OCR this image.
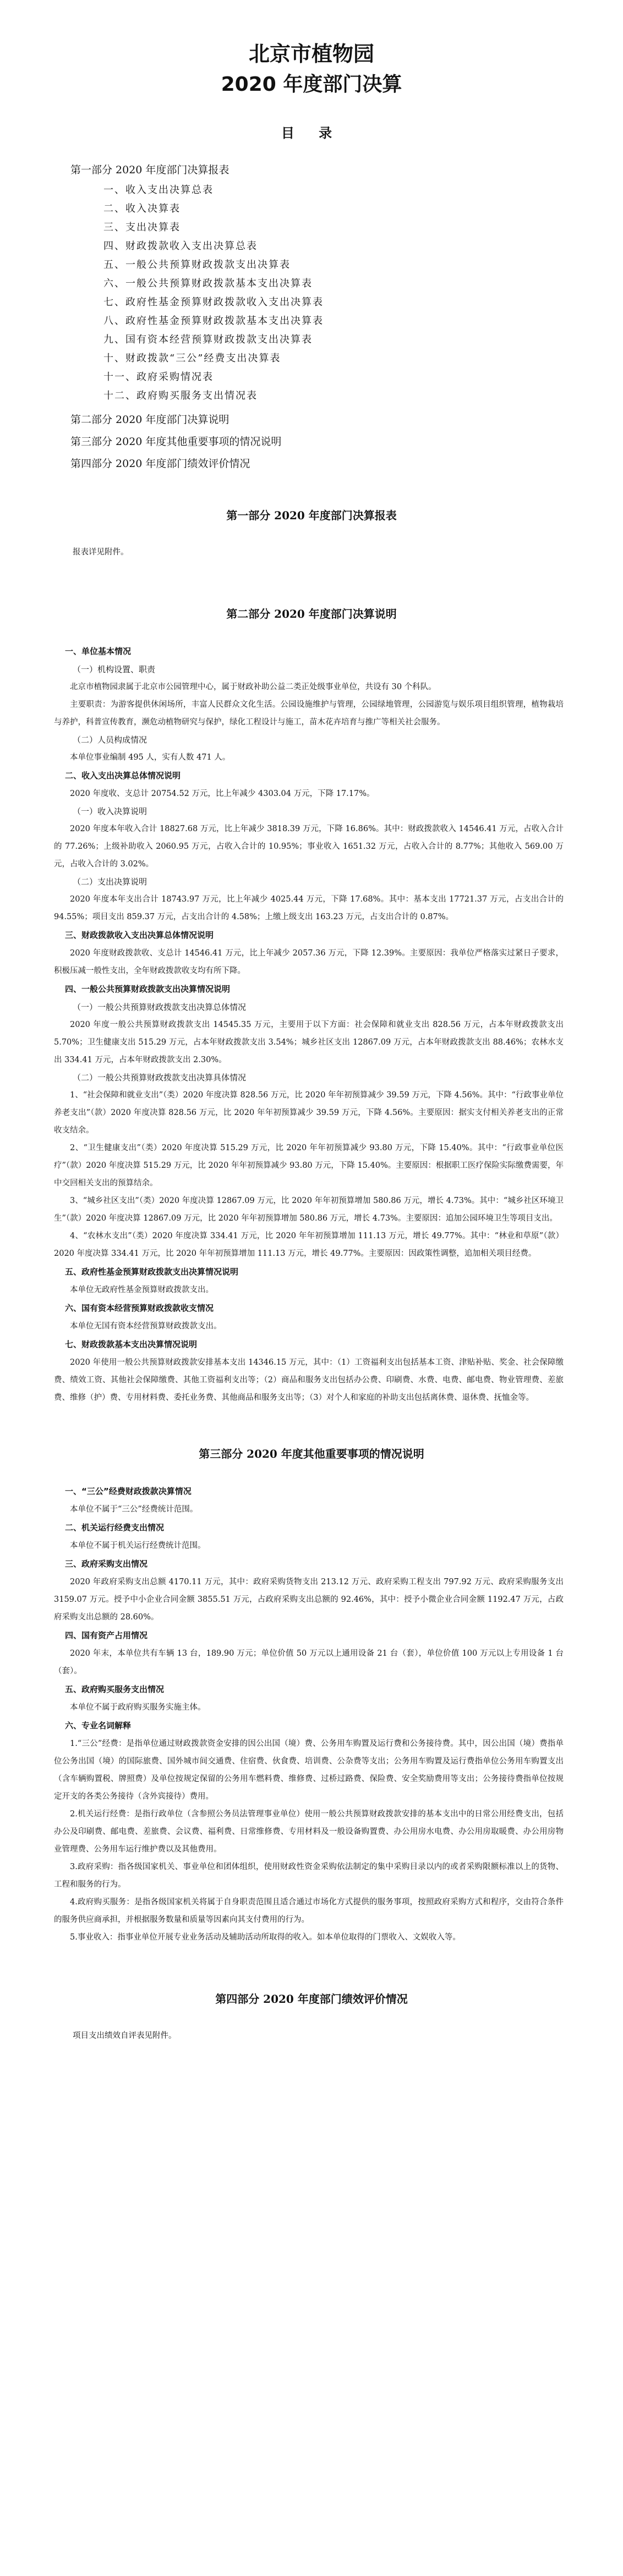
北京市植物园
2020 年度部门决算
目 录
第一部分 2020 年度部门决算报表
一、收入支出决算总表
二、收入决算表
三、支出决算表
四、财政拨款收入支出决算总表
五、一般公共预算财政拨款支出决算表
六、一般公共预算财政拨款基本支出决算表
七、政府性基金预算财政拨款收入支出决算表
八、政府性基金预算财政拨款基本支出决算表
九、国有资本经营预算财政拨款支出决算表
十、财政拨款“三公”经费支出决算表
十一、政府采购情况表
十二、政府购买服务支出情况表
第二部分 2020 年度部门决算说明
第三部分 2020 年度其他重要事项的情况说明
第四部分 2020 年度部门绩效评价情况
第一部分 2020 年度部门决算报表
报表详见附件。
第二部分 2020 年度部门决算说明
一、单位基本情况
（一）机构设置、职责

北京市植物园隶属于北京市公园管理中心，属于财政补助公益二类正处级事业单位，共设有 30 个科队。

主要职责：为游客提供休闲场所，丰富人民群众文化生活。公园设施维护与管理，公园绿地管理，公园游览与娱乐项目组织管理，植物栽培与养护，科普宣传教育，濒危动植物研究与保护，绿化工程设计与施工，苗木花卉培育与推广等相关社会服务。

（二）人员构成情况

本单位事业编制 495 人，实有人数 471 人。

二、收入支出决算总体情况说明

2020 年度收、支总计 20754.52 万元，比上年减少 4303.04 万元，下降 17.17%。

（一）收入决算说明

2020 年度本年收入合计 18827.68 万元，比上年减少 3818.39 万元，下降 16.86%。其中：财政拨款收入 14546.41 万元，占收入合计的 77.26%；上级补助收入 2060.95 万元，占收入合计的 10.95%；事业收入 1651.32 万元，占收入合计的 8.77%；其他收入 569.00 万元，占收入合计的 3.02%。

（二）支出决算说明

2020 年度本年支出合计 18743.97 万元，比上年减少 4025.44 万元，下降 17.68%。其中：基本支出 17721.37 万元，占支出合计的 94.55%；项目支出 859.37 万元，占支出合计的 4.58%；上缴上级支出 163.23 万元，占支出合计的 0.87%。

三、财政拨款收入支出决算总体情况说明

2020 年度财政拨款收、支总计 14546.41 万元，比上年减少 2057.36 万元，下降 12.39%。主要原因：我单位严格落实过紧日子要求，积极压减一般性支出，全年财政拨款收支均有所下降。

四、一般公共预算财政拨款支出决算情况说明
（一）一般公共预算财政拨款支出决算总体情况

2020 年度一般公共预算财政拨款支出 14545.35 万元，主要用于以下方面：社会保障和就业支出 828.56 万元，占本年财政拨款支出 5.70%；卫生健康支出 515.29 万元，占本年财政拨款支出 3.54%；城乡社区支出 12867.09 万元，占本年财政拨款支出 88.46%；农林水支出 334.41 万元，占本年财政拨款支出 2.30%。

（二）一般公共预算财政拨款支出决算具体情况

1、“社会保障和就业支出”（类）2020 年度决算 828.56 万元，比 2020 年年初预算减少 39.59 万元，下降 4.56%。其中：“行政事业单位养老支出”（款）2020 年度决算 828.56 万元，比 2020 年年初预算减少 39.59 万元，下降 4.56%。主要原因：据实支付相关养老支出的正常收支结余。

2、“卫生健康支出”（类）2020 年度决算 515.29 万元，比 2020 年年初预算减少 93.80 万元，下降 15.40%。其中：“行政事业单位医疗”（款）2020 年度决算 515.29 万元，比 2020 年年初预算减少 93.80 万元，下降 15.40%。主要原因：根据职工医疗保险实际缴费需要，年中交回相关支出的预算结余。

3、“城乡社区支出”（类）2020 年度决算 12867.09 万元，比 2020 年年初预算增加 580.86 万元，增长 4.73%。其中：“城乡社区环境卫生”（款）2020 年度决算 12867.09 万元，比 2020 年年初预算增加 580.86 万元，增长 4.73%。主要原因：追加公园环境卫生等项目支出。

4、“农林水支出”（类）2020 年度决算 334.41 万元，比 2020 年年初预算增加 111.13 万元，增长 49.77%。其中：“林业和草原”（款）2020 年度决算 334.41 万元，比 2020 年年初预算增加 111.13 万元，增长 49.77%。主要原因：因政策性调整，追加相关项目经费。

五、政府性基金预算财政拨款支出决算情况说明

本单位无政府性基金预算财政拨款支出。

六、国有资本经营预算财政拨款收支情况

本单位无国有资本经营预算财政拨款支出。

七、财政拨款基本支出决算情况说明

2020 年使用一般公共预算财政拨款安排基本支出 14346.15 万元，其中：（1）工资福利支出包括基本工资、津贴补贴、奖金、社会保障缴费、绩效工资、其他社会保障缴费、其他工资福利支出等；（2）商品和服务支出包括办公费、印刷费、水费、电费、邮电费、物业管理费、差旅费、维修（护）费、专用材料费、委托业务费、其他商品和服务支出等；（3）对个人和家庭的补助支出包括离休费、退休费、抚恤金等。

第三部分 2020 年度其他重要事项的情况说明
一、“三公”经费财政拨款决算情况

本单位不属于“三公”经费统计范围。

二、机关运行经费支出情况

本单位不属于机关运行经费统计范围。

三、政府采购支出情况

2020 年政府采购支出总额 4170.11 万元，其中：政府采购货物支出 213.12 万元、政府采购工程支出 797.92 万元、政府采购服务支出 3159.07 万元。授予中小企业合同金额 3855.51 万元，占政府采购支出总额的 92.46%，其中：授予小微企业合同金额 1192.47 万元，占政府采购支出总额的 28.60%。

四、国有资产占用情况

2020 年末，本单位共有车辆 13 台，189.90 万元；单位价值 50 万元以上通用设备 21 台（套），单位价值 100 万元以上专用设备 1 台（套）。

五、政府购买服务支出情况

本单位不属于政府购买服务实施主体。

六、专业名词解释

1.“三公”经费：是指单位通过财政拨款资金安排的因公出国（境）费、公务用车购置及运行费和公务接待费。其中，因公出国（境）费指单位公务出国（境）的国际旅费、国外城市间交通费、住宿费、伙食费、培训费、公杂费等支出；公务用车购置及运行费指单位公务用车购置支出（含车辆购置税、牌照费）及单位按规定保留的公务用车燃料费、维修费、过桥过路费、保险费、安全奖励费用等支出；公务接待费指单位按规定开支的各类公务接待（含外宾接待）费用。

2.机关运行经费：是指行政单位（含参照公务员法管理事业单位）使用一般公共预算财政拨款安排的基本支出中的日常公用经费支出，包括办公及印刷费、邮电费、差旅费、会议费、福利费、日常维修费、专用材料及一般设备购置费、办公用房水电费、办公用房取暖费、办公用房物业管理费、公务用车运行维护费以及其他费用。

3.政府采购：指各级国家机关、事业单位和团体组织，使用财政性资金采购依法制定的集中采购目录以内的或者采购限额标准以上的货物、工程和服务的行为。

4.政府购买服务：是指各级国家机关将属于自身职责范围且适合通过市场化方式提供的服务事项，按照政府采购方式和程序，交由符合条件的服务供应商承担，并根据服务数量和质量等因素向其支付费用的行为。

5.事业收入：指事业单位开展专业业务活动及辅助活动所取得的收入。如本单位取得的门票收入、文娱收入等。

第四部分 2020 年度部门绩效评价情况
项目支出绩效自评表见附件。
